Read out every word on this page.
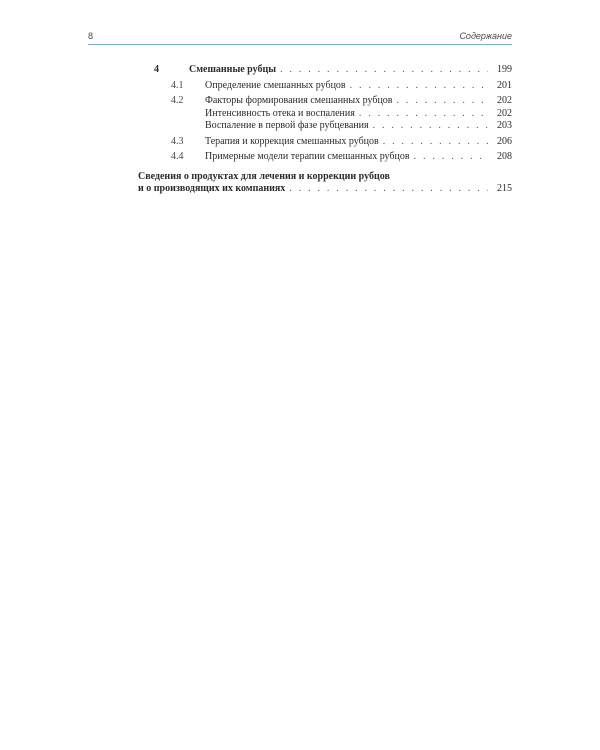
8	Содержание
4	Смешанные рубцы . . .	199
4.1	Определение смешанных рубцов . . .	201
4.2	Факторы формирования смешанных рубцов . . .	202
Интенсивность отека и воспаления . . .	202
Воспаление в первой фазе рубцевания . . .	203
4.3	Терапия и коррекция смешанных рубцов . . .	206
4.4	Примерные модели терапии смешанных рубцов . . .	208
Сведения о продуктах для лечения и коррекции рубцов
и о производящих их компаниях . . .	215
